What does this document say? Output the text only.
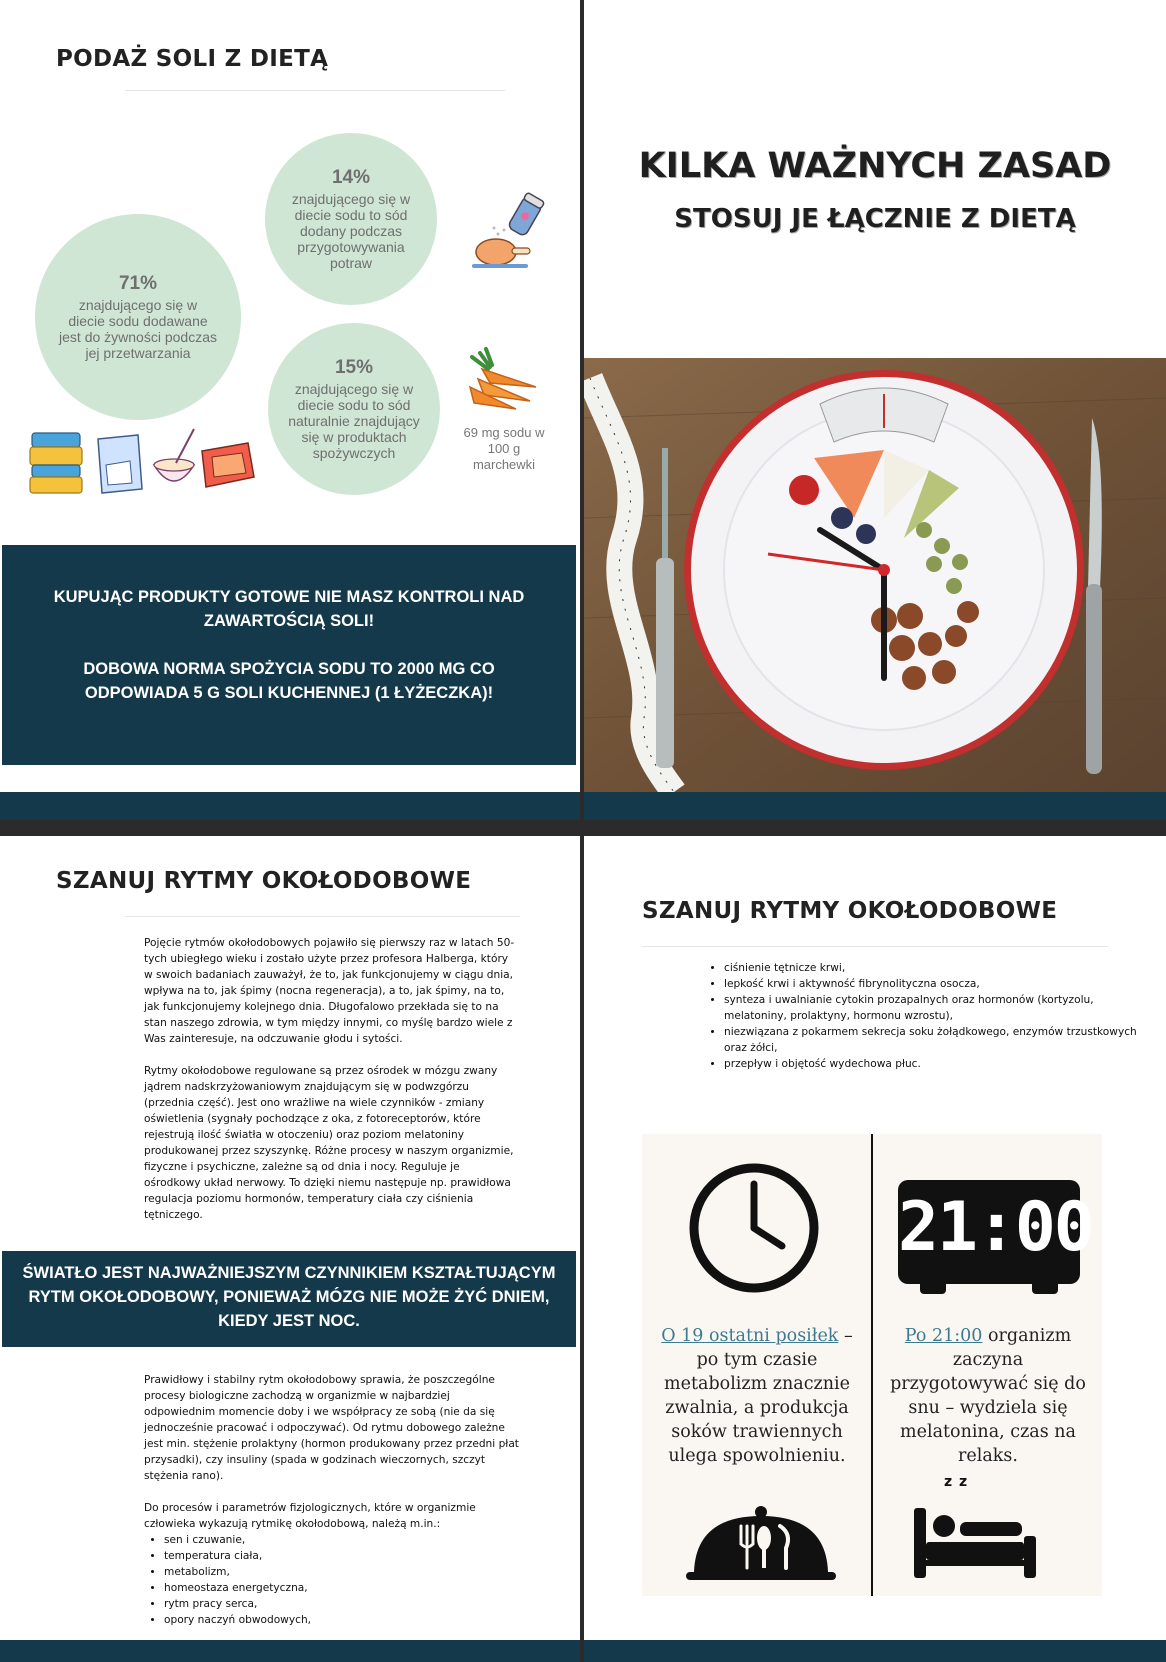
PODAŻ SOLI Z DIETĄ
14%
znajdującego się w diecie sodu to sód dodany podczas przygotowywania potraw
71%
znajdującego się w diecie sodu dodawane jest do żywności podczas jej przetwarzania
15%
znajdującego się w diecie sodu to sód naturalnie znajdujący się w produktach spożywczych
69 mg sodu w 100 g marchewki
KUPUJĄC PRODUKTY GOTOWE NIE MASZ KONTROLI NAD ZAWARTOŚCIĄ SOLI!
DOBOWA NORMA SPOŻYCIA SODU TO 2000 MG CO ODPOWIADA 5 G SOLI KUCHENNEJ (1 ŁYŻECZKA)!
KILKA WAŻNYCH ZASAD
STOSUJ JE ŁĄCZNIE Z DIETĄ
SZANUJ RYTMY OKOŁODOBOWE

Pojęcie rytmów okołodobowych pojawiło się pierwszy raz w latach 50-tych ubiegłego wieku i zostało użyte przez profesora Halberga, który w swoich badaniach zauważył, że to, jak funkcjonujemy w ciągu dnia, wpływa na to, jak śpimy (nocna regeneracja), a to, jak śpimy, na to, jak funkcjonujemy kolejnego dnia. Długofalowo przekłada się to na stan naszego zdrowia, w tym między innymi, co myślę bardzo wiele z Was zainteresuje, na odczuwanie głodu i sytości.

Rytmy okołodobowe regulowane są przez ośrodek w mózgu zwany jądrem nadskrzyżowaniowym znajdującym się w podwzgórzu (przednia część). Jest ono wrażliwe na wiele czynników - zmiany oświetlenia (sygnały pochodzące z oka, z fotoreceptorów, które rejestrują ilość światła w otoczeniu) oraz poziom melatoniny produkowanej przez szyszynkę. Różne procesy w naszym organizmie, fizyczne i psychiczne, zależne są od dnia i nocy. Reguluje je ośrodkowy układ nerwowy. To dzięki niemu następuje np. prawidłowa regulacja poziomu hormonów, temperatury ciała czy ciśnienia tętniczego.

ŚWIATŁO JEST NAJWAŻNIEJSZYM CZYNNIKIEM KSZTAŁTUJĄCYM RYTM OKOŁODOBOWY, PONIEWAŻ MÓZG NIE MOŻE ŻYĆ DNIEM, KIEDY JEST NOC.

Prawidłowy i stabilny rytm okołodobowy sprawia, że poszczególne procesy biologiczne zachodzą w organizmie w najbardziej odpowiednim momencie doby i we współpracy ze sobą (nie da się jednocześnie pracować i odpoczywać). Od rytmu dobowego zależne jest min. stężenie prolaktyny (hormon produkowany przez przedni płat przysadki), czy insuliny (spada w godzinach wieczornych, szczyt stężenia rano).

Do procesów i parametrów fizjologicznych, które w organizmie człowieka wykazują rytmikę okołodobową, należą m.in.:
• sen i czuwanie,
• temperatura ciała,
• metabolizm,
• homeostaza energetyczna,
• rytm pracy serca,
• opory naczyń obwodowych,
SZANUJ RYTMY OKOŁODOBOWE
• ciśnienie tętnicze krwi,
• lepkość krwi i aktywność fibrynolityczna osocza,
• synteza i uwalnianie cytokin prozapalnych oraz hormonów (kortyzolu, melatoniny, prolaktyny, hormonu wzrostu),
• niezwiązana z pokarmem sekrecja soku żołądkowego, enzymów trzustkowych oraz żółci,
• przepływ i objętość wydechowa płuc.
21:00
O 19 ostatni posiłek – po tym czasie metabolizm znacznie zwalnia, a produkcja soków trawiennych ulega spowolnieniu.
Po 21:00 organizm zaczyna przygotowywać się do snu – wydziela się melatonina, czas na relaks.
z z
